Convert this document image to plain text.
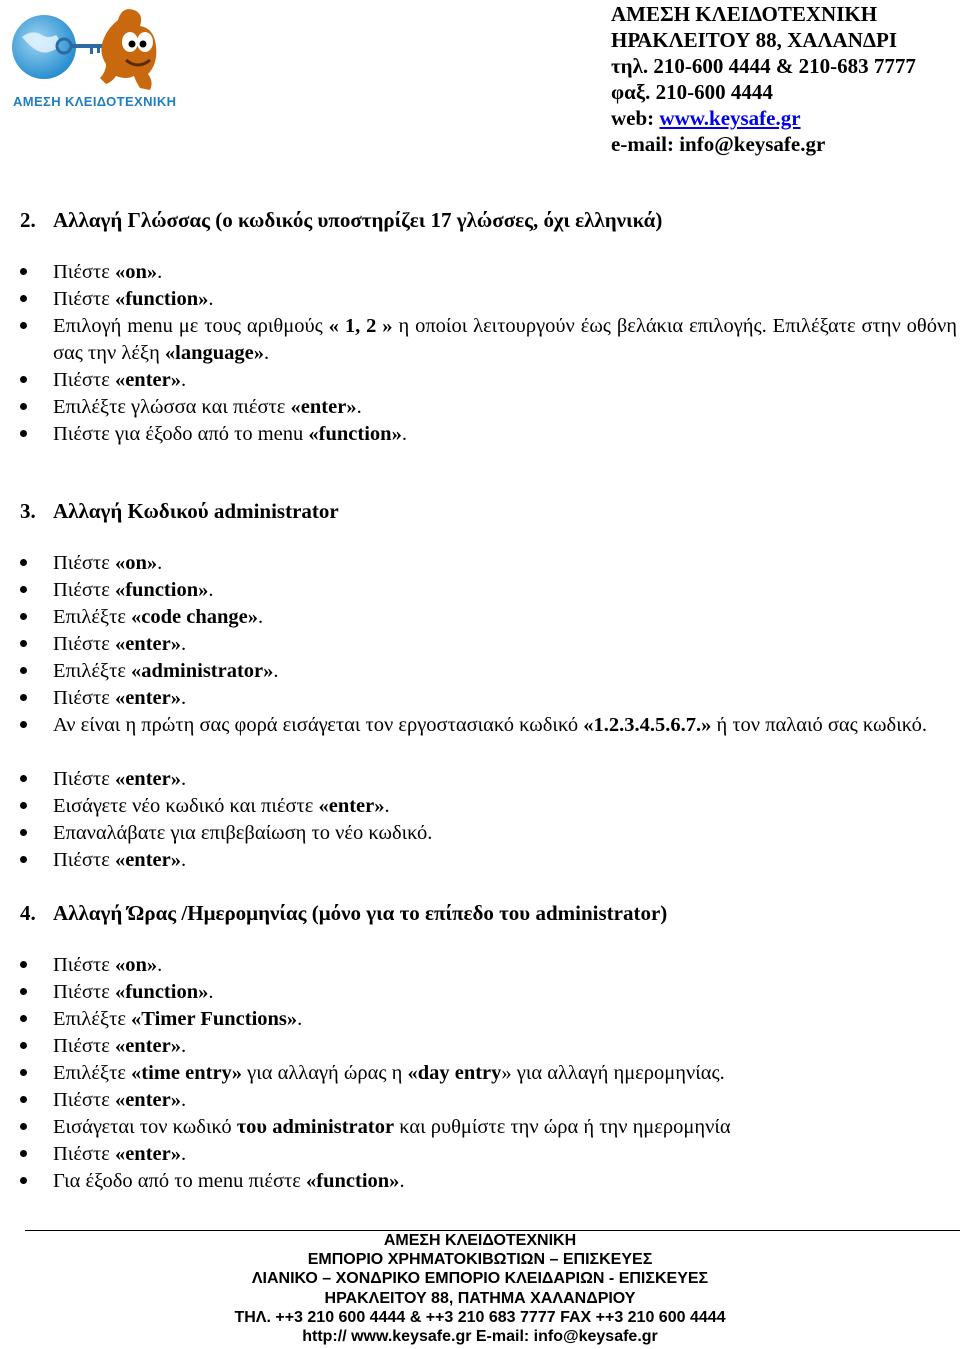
ΑΜΕΣΗ ΚΛΕΙΔΟΤΕΧΝΙΚΗ
ΑΜΕΣΗ ΚΛΕΙΔΟΤΕΧΝΙΚΗ
ΗΡΑΚΛΕΙΤΟΥ 88, ΧΑΛΑΝΔΡΙ
τηλ. 210-600 4444 & 210-683 7777
φαξ. 210-600 4444
web: www.keysafe.gr
e-mail: info@keysafe.gr
2. Αλλαγή Γλώσσας (ο κωδικός υποστηρίζει 17 γλώσσες, όχι ελληνικά)
Πιέστε «on».
Πιέστε «function».
Επιλογή menu με τους αριθμούς « 1, 2 » η οποίοι λειτουργούν έως βελάκια επιλογής. Επιλέξατε στην οθόνη σας την λέξη «language».
Πιέστε «enter».
Επιλέξτε γλώσσα και πιέστε «enter».
Πιέστε για έξοδο από το menu «function».
3. Αλλαγή Κωδικού administrator
Πιέστε «on».
Πιέστε «function».
Επιλέξτε «code change».
Πιέστε «enter».
Επιλέξτε «administrator».
Πιέστε «enter».
Αν είναι η πρώτη σας φορά εισάγεται τον εργοστασιακό κωδικό «1.2.3.4.5.6.7.» ή τον παλαιό σας κωδικό.
Πιέστε «enter».
Εισάγετε νέο κωδικό και πιέστε «enter».
Επαναλάβατε για επιβεβαίωση το νέο κωδικό.
Πιέστε «enter».
4. Αλλαγή Ώρας /Ημερομηνίας (μόνο για το επίπεδο του administrator)
Πιέστε «on».
Πιέστε «function».
Επιλέξτε «Timer Functions».
Πιέστε «enter».
Επιλέξτε «time entry» για αλλαγή ώρας η «day entry» για αλλαγή ημερομηνίας.
Πιέστε «enter».
Εισάγεται τον κωδικό του administrator και ρυθμίστε την ώρα ή την ημερομηνία
Πιέστε «enter».
Για έξοδο από το menu πιέστε «function».
ΑΜΕΣΗ ΚΛΕΙΔΟΤΕΧΝΙΚΗ
ΕΜΠΟΡΙΟ ΧΡΗΜΑΤΟΚΙΒΩΤΙΩΝ – ΕΠΙΣΚΕΥΕΣ
ΛΙΑΝΙΚΟ – ΧΟΝΔΡΙΚΟ ΕΜΠΟΡΙΟ ΚΛΕΙΔΑΡΙΩΝ - ΕΠΙΣΚΕΥΕΣ
ΗΡΑΚΛΕΙΤΟΥ 88, ΠΑΤΗΜΑ ΧΑΛΑΝΔΡΙΟΥ
ΤΗΛ. ++3 210 600 4444 & ++3 210 683 7777 FAX ++3 210 600 4444
http:// www.keysafe.gr E-mail: info@keysafe.gr
